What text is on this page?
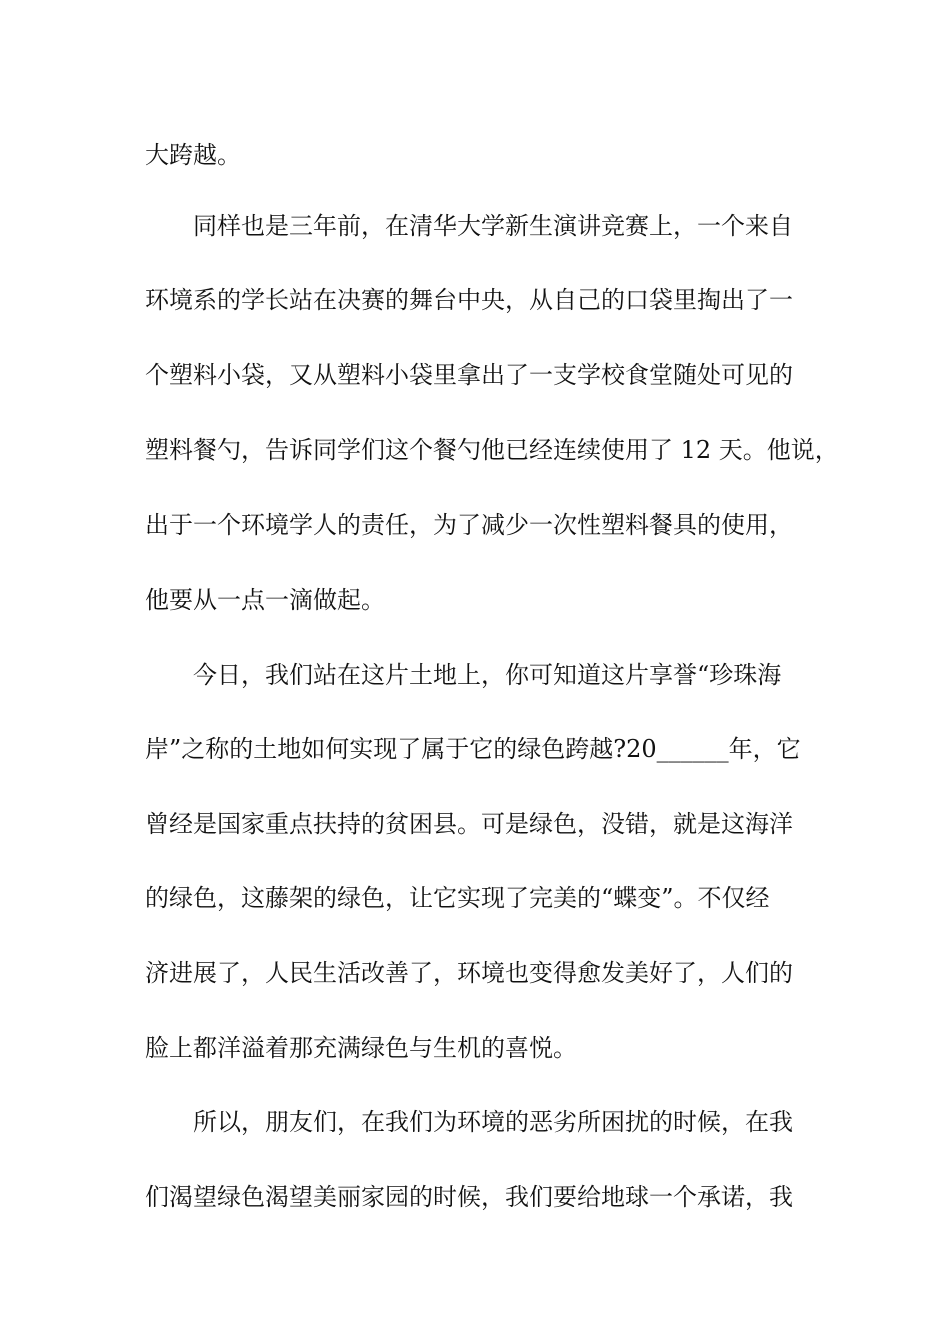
大跨越。
同样也是三年前，在清华大学新生演讲竞赛上，一个来自
环境系的学长站在决赛的舞台中央，从自己的口袋里掏出了一
个塑料小袋，又从塑料小袋里拿出了一支学校食堂随处可见的
塑料餐勺，告诉同学们这个餐勺他已经连续使用了 12 天。他说，
出于一个环境学人的责任，为了减少一次性塑料餐具的使用，
他要从一点一滴做起。
今日，我们站在这片土地上，你可知道这片享誉“珍珠海
岸”之称的土地如何实现了属于它的绿色跨越?20______年，它
曾经是国家重点扶持的贫困县。可是绿色，没错，就是这海洋
的绿色，这藤架的绿色，让它实现了完美的“蝶变”。不仅经
济进展了，人民生活改善了，环境也变得愈发美好了，人们的
脸上都洋溢着那充满绿色与生机的喜悦。
所以，朋友们，在我们为环境的恶劣所困扰的时候，在我
们渴望绿色渴望美丽家园的时候，我们要给地球一个承诺，我
